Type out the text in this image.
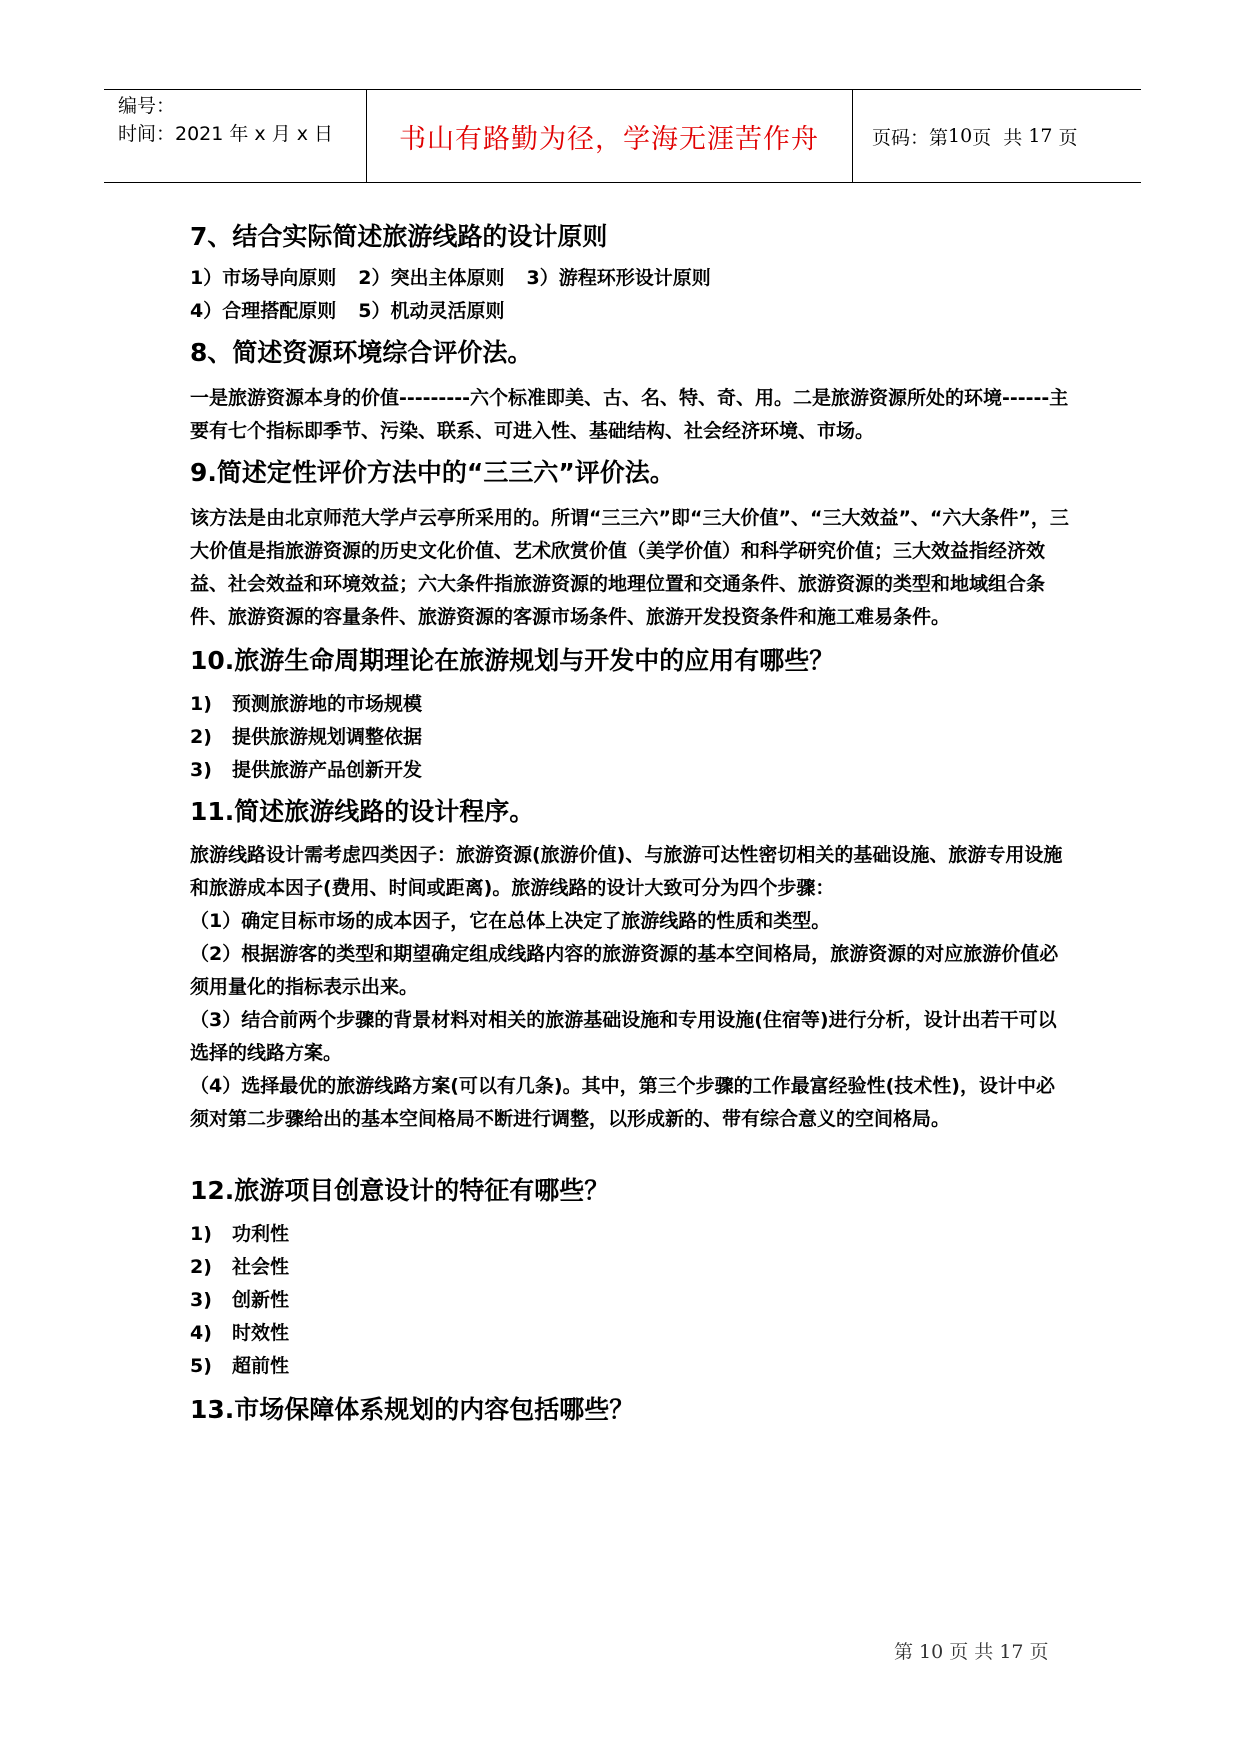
编号：
时间：2021 年 x 月 x 日	书山有路勤为径，学海无涯苦作舟	页码：第 10 页  共 17 页

7、结合实际简述旅游线路的设计原则

1）市场导向原则 2）突出主体原则 3）游程环形设计原则
4）合理搭配原则 5）机动灵活原则

8、简述资源环境综合评价法。

一是旅游资源本身的价值---------六个标准即美、古、名、特、奇、用。二是旅游资源所处的环境------主要有七个指标即季节、污染、联系、可进入性、基础结构、社会经济环境、市场。

9.简述定性评价方法中的“三三六”评价法。

该方法是由北京师范大学卢云亭所采用的。所谓“三三六”即“三大价值”、“三大效益”、“六大条件”，三大价值是指旅游资源的历史文化价值、艺术欣赏价值（美学价值）和科学研究价值；三大效益指经济效益、社会效益和环境效益；六大条件指旅游资源的地理位置和交通条件、旅游资源的类型和地域组合条件、旅游资源的容量条件、旅游资源的客源市场条件、旅游开发投资条件和施工难易条件。

10.旅游生命周期理论在旅游规划与开发中的应用有哪些？

1)	预测旅游地的市场规模
2)	提供旅游规划调整依据
3)	提供旅游产品创新开发

11.简述旅游线路的设计程序。

旅游线路设计需考虑四类因子：旅游资源(旅游价值)、与旅游可达性密切相关的基础设施、旅游专用设施和旅游成本因子(费用、时间或距离)。旅游线路的设计大致可分为四个步骤：

（1）确定目标市场的成本因子，它在总体上决定了旅游线路的性质和类型。

（2）根据游客的类型和期望确定组成线路内容的旅游资源的基本空间格局，旅游资源的对应旅游价值必须用量化的指标表示出来。

（3）结合前两个步骤的背景材料对相关的旅游基础设施和专用设施(住宿等)进行分析，设计出若干可以选择的线路方案。

（4）选择最优的旅游线路方案(可以有几条)。其中，第三个步骤的工作最富经验性(技术性)，设计中必须对第二步骤给出的基本空间格局不断进行调整，以形成新的、带有综合意义的空间格局。

12.旅游项目创意设计的特征有哪些？

1)	功利性
2)	社会性
3)	创新性
4)	时效性
5)	超前性

13.市场保障体系规划的内容包括哪些？

第 10 页 共 17 页
